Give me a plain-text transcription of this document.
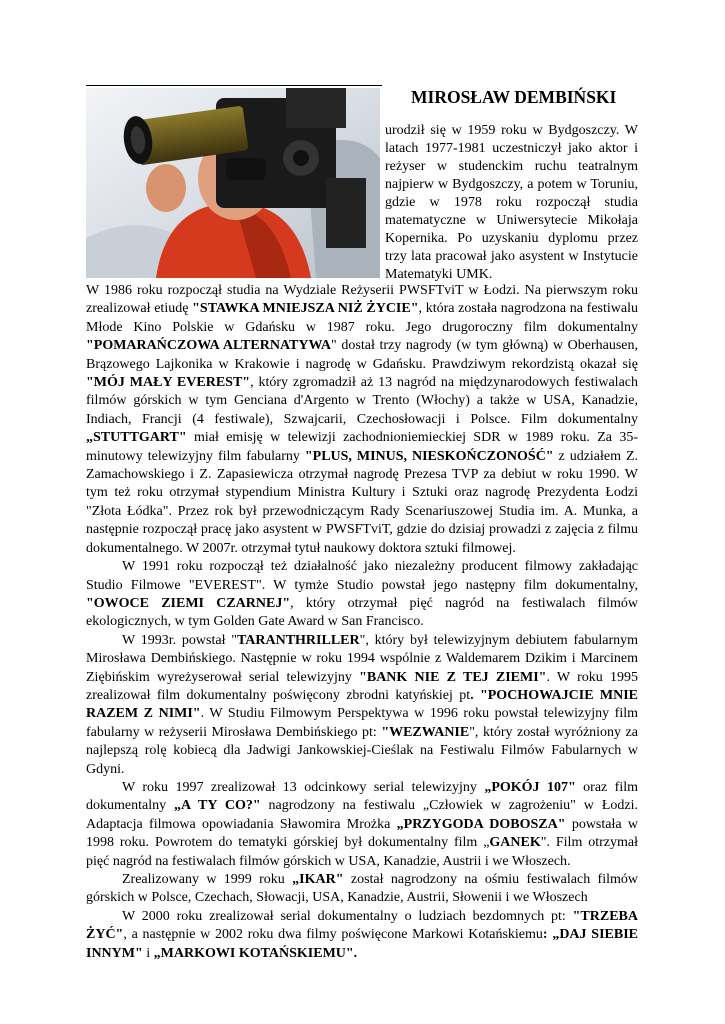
MIROSŁAW DEMBIŃSKI

urodził się w 1959 roku w Bydgoszczy. W latach 1977-1981 uczestniczył jako aktor i reżyser w studenckim ruchu teatralnym najpierw w Bydgoszczy, a potem w Toruniu, gdzie w 1978 roku rozpoczął studia matematyczne w Uniwersytecie Mikołaja Kopernika. Po uzyskaniu dyplomu przez trzy lata pracował jako asystent w Instytucie Matematyki UMK.

W 1986 roku rozpoczął studia na Wydziale Reżyserii PWSFTviT w Łodzi. Na pierwszym roku zrealizował etiudę "STAWKA MNIEJSZA NIŻ ŻYCIE", która została nagrodzona na festiwalu Młode Kino Polskie w Gdańsku w 1987 roku. Jego drugoroczny film dokumentalny "POMARAŃCZOWA ALTERNATYWA" dostał trzy nagrody (w tym główną) w Oberhausen, Brązowego Lajkonika w Krakowie i nagrodę w Gdańsku. Prawdziwym rekordzistą okazał się "MÓJ MAŁY EVEREST", który zgromadził aż 13 nagród na międzynarodowych festiwalach filmów górskich w tym Genciana d'Argento w Trento (Włochy) a także w USA, Kanadzie, Indiach, Francji (4 festiwale), Szwajcarii, Czechosłowacji i Polsce. Film dokumentalny „STUTTGART" miał emisję w telewizji zachodnioniemieckiej SDR w 1989 roku. Za 35-minutowy telewizyjny film fabularny "PLUS, MINUS, NIESKOŃCZONOŚĆ" z udziałem Z. Zamachowskiego i Z. Zapasiewicza otrzymał nagrodę Prezesa TVP za debiut w roku 1990. W tym też roku otrzymał stypendium Ministra Kultury i Sztuki oraz nagrodę Prezydenta Łodzi "Złota Łódka". Przez rok był przewodniczącym Rady Scenariuszowej Studia im. A. Munka, a następnie rozpoczął pracę jako asystent w PWSFTviT, gdzie do dzisiaj prowadzi z zajęcia z filmu dokumentalnego. W 2007r. otrzymał tytuł naukowy doktora sztuki filmowej.

W 1991 roku rozpoczął też działalność jako niezależny producent filmowy zakładając Studio Filmowe "EVEREST". W tymże Studio powstał jego następny film dokumentalny, "OWOCE ZIEMI CZARNEJ", który otrzymał pięć nagród na festiwalach filmów ekologicznych, w tym Golden Gate Award w San Francisco.

W 1993r. powstał "TARANTHRILLER", który był telewizyjnym debiutem fabularnym Mirosława Dembińskiego. Następnie w roku 1994 wspólnie z Waldemarem Dzikim i Marcinem Ziębińskim wyreżyserował serial telewizyjny "BANK NIE Z TEJ ZIEMI". W roku 1995 zrealizował film dokumentalny poświęcony zbrodni katyńskiej pt. "POCHOWAJCIE MNIE RAZEM Z NIMI". W Studiu Filmowym Perspektywa w 1996 roku powstał telewizyjny film fabularny w reżyserii Mirosława Dembińskiego pt: "WEZWANIE", który został wyróżniony za najlepszą rolę kobiecą dla Jadwigi Jankowskiej-Cieślak na Festiwalu Filmów Fabularnych w Gdyni.

W roku 1997 zrealizował 13 odcinkowy serial telewizyjny „POKÓJ 107" oraz film dokumentalny „A TY CO?" nagrodzony na festiwalu „Człowiek w zagrożeniu" w Łodzi. Adaptacja filmowa opowiadania Sławomira Mrożka „PRZYGODA DOBOSZA" powstała w 1998 roku. Powrotem do tematyki górskiej był dokumentalny film „GANEK". Film otrzymał pięć nagród na festiwalach filmów górskich w USA, Kanadzie, Austrii i we Włoszech.

Zrealizowany w 1999 roku „IKAR" został nagrodzony na ośmiu festiwalach filmów górskich w Polsce, Czechach, Słowacji, USA, Kanadzie, Austrii, Słowenii i we Włoszech

W 2000 roku zrealizował serial dokumentalny o ludziach bezdomnych pt: "TRZEBA ŻYĆ", a następnie w 2002 roku dwa filmy poświęcone Markowi Kotańskiemu: „DAJ SIEBIE INNYM" i „MARKOWI KOTAŃSKIEMU".
